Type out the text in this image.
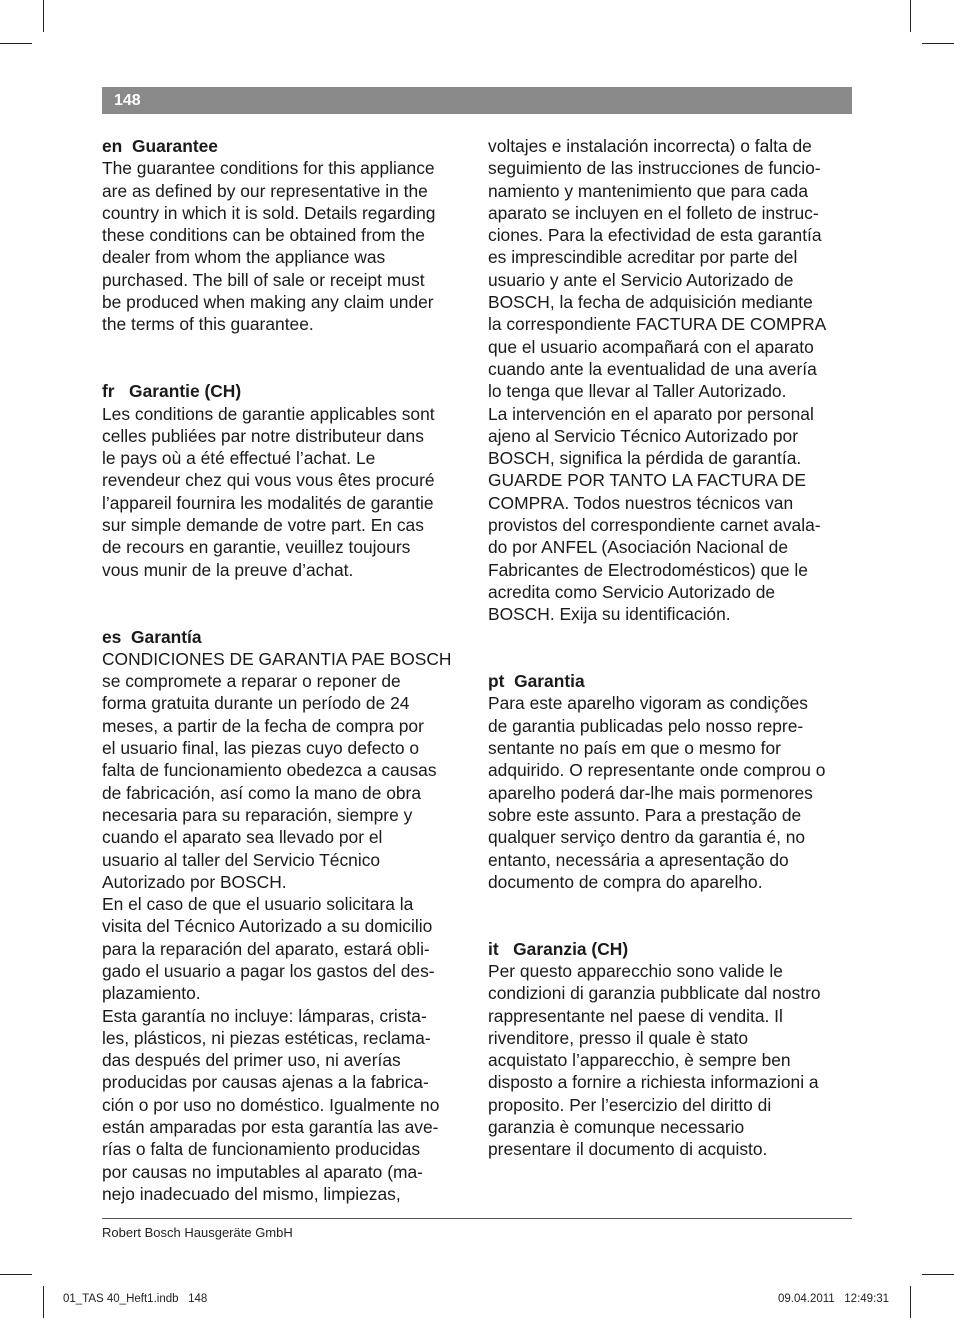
148
en  Guarantee
The guarantee conditions for this appliance
are as defined by our representative in the
country in which it is sold. Details regarding
these conditions can be obtained from the
dealer from whom the appliance was
purchased. The bill of sale or receipt must
be produced when making any claim under
the terms of this guarantee.
fr   Garantie (CH)
Les conditions de garantie applicables sont
celles publiées par notre distributeur dans
le pays où a été effectué l’achat. Le
revendeur chez qui vous vous êtes procuré
l’appareil fournira les modalités de garantie
sur simple demande de votre part. En cas
de recours en garantie, veuillez toujours
vous munir de la preuve d’achat.
es  Garantía
CONDICIONES DE GARANTIA PAE BOSCH
se compromete a reparar o reponer de
forma gratuita durante un período de 24
meses, a partir de la fecha de compra por
el usuario final, las piezas cuyo defecto o
falta de funcionamiento obedezca a causas
de fabricación, así como la mano de obra
necesaria para su reparación, siempre y
cuando el aparato sea llevado por el
usuario al taller del Servicio Técnico
Autorizado por BOSCH.
En el caso de que el usuario solicitara la
visita del Técnico Autorizado a su domicilio
para la reparación del aparato, estará obli-
gado el usuario a pagar los gastos del des-
plazamiento.
Esta garantía no incluye: lámparas, crista-
les, plásticos, ni piezas estéticas, reclama-
das después del primer uso, ni averías
producidas por causas ajenas a la fabrica-
ción o por uso no doméstico. Igualmente no
están amparadas por esta garantía las ave-
rías o falta de funcionamiento producidas
por causas no imputables al aparato (ma-
nejo inadecuado del mismo, limpiezas,
voltajes e instalación incorrecta) o falta de
seguimiento de las instrucciones de funcio-
namiento y mantenimiento que para cada
aparato se incluyen en el folleto de instruc-
ciones. Para la efectividad de esta garantía
es imprescindible acreditar por parte del
usuario y ante el Servicio Autorizado de
BOSCH, la fecha de adquisición mediante
la correspondiente FACTURA DE COMPRA
que el usuario acompañará con el aparato
cuando ante la eventualidad de una avería
lo tenga que llevar al Taller Autorizado.
La intervención en el aparato por personal
ajeno al Servicio Técnico Autorizado por
BOSCH, significa la pérdida de garantía.
GUARDE POR TANTO LA FACTURA DE
COMPRA. Todos nuestros técnicos van
provistos del correspondiente carnet avala-
do por ANFEL (Asociación Nacional de
Fabricantes de Electrodomésticos) que le
acredita como Servicio Autorizado de
BOSCH. Exija su identificación.
pt  Garantia
Para este aparelho vigoram as condições
de garantia publicadas pelo nosso repre-
sentante no país em que o mesmo for
adquirido. O representante onde comprou o
aparelho poderá dar-lhe mais pormenores
sobre este assunto. Para a prestação de
qualquer serviço dentro da garantia é, no
entanto, necessária a apresentação do
documento de compra do aparelho.
it   Garanzia (CH)
Per questo apparecchio sono valide le
condizioni di garanzia pubblicate dal nostro
rappresentante nel paese di vendita. Il
rivenditore, presso il quale è stato
acquistato l’apparecchio, è sempre ben
disposto a fornire a richiesta informazioni a
proposito. Per l’esercizio del diritto di
garanzia è comunque necessario
presentare il documento di acquisto.
Robert Bosch Hausgeräte GmbH
01_TAS 40_Heft1.indb   148	09.04.2011   12:49:31
